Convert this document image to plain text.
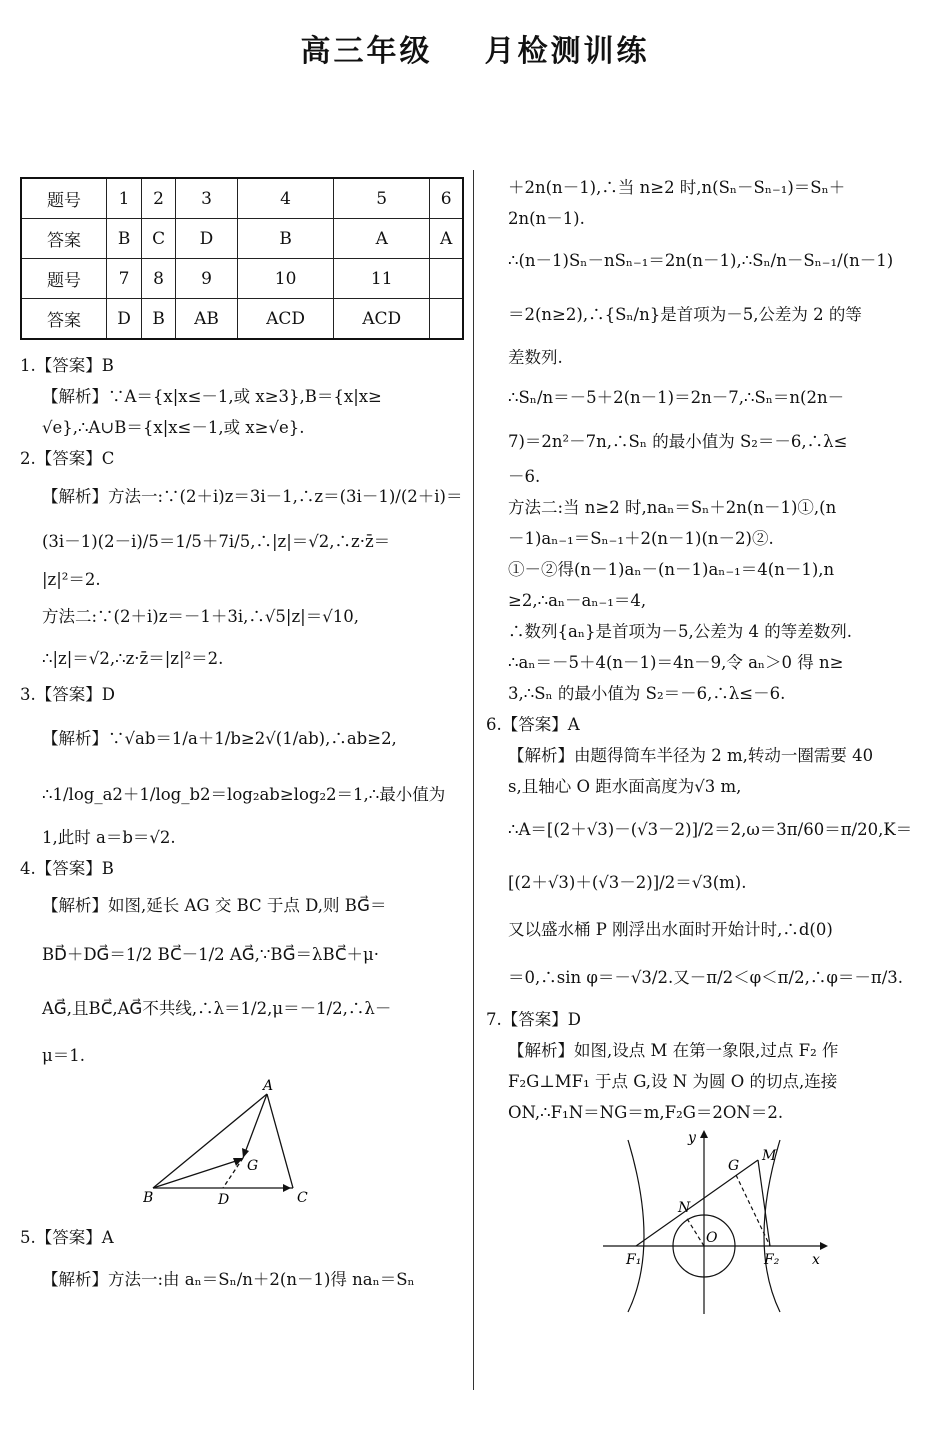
高三年级 月检测训练
题号	1	2	3	4	5	6
答案	B	C	D	B	A	A
题号	7	8	9	10	11	
答案	D	B	AB	ACD	ACD	
1.【答案】B
【解析】∵A＝{x|x≤－1,或 x≥3},B＝{x|x≥
√e},∴A∪B＝{x|x≤－1,或 x≥√e}.
2.【答案】C
【解析】方法一:∵(2＋i)z＝3i－1,∴z＝(3i－1)/(2＋i)＝
(3i－1)(2－i)/5＝1/5＋7i/5,∴|z|＝√2,∴z·z̄＝
|z|²＝2.
方法二:∵(2＋i)z＝－1＋3i,∴√5|z|＝√10,
∴|z|＝√2,∴z·z̄＝|z|²＝2.
3.【答案】D
【解析】∵√ab＝1/a＋1/b≥2√(1/ab),∴ab≥2,
∴1/log_a2＋1/log_b2＝log₂ab≥log₂2＝1,∴最小值为
1,此时 a＝b＝√2.
4.【答案】B
【解析】如图,延长 AG 交 BC 于点 D,则 BG⃗＝
BD⃗＋DG⃗＝1/2 BC⃗－1/2 AG⃗,∵BG⃗＝λBC⃗＋μ·
AG⃗,且BC⃗,AG⃗不共线,∴λ＝1/2,μ＝－1/2,∴λ－
μ＝1.
A
B	C
D
G
5.【答案】A
【解析】方法一:由 aₙ＝Sₙ/n＋2(n－1)得 naₙ＝Sₙ
＋2n(n－1),∴当 n≥2 时,n(Sₙ－Sₙ₋₁)＝Sₙ＋
2n(n－1).
∴(n－1)Sₙ－nSₙ₋₁＝2n(n－1),∴Sₙ/n－Sₙ₋₁/(n－1)
＝2(n≥2),∴{Sₙ/n}是首项为－5,公差为 2 的等
差数列.
∴Sₙ/n＝－5＋2(n－1)＝2n－7,∴Sₙ＝n(2n－
7)＝2n²－7n,∴Sₙ 的最小值为 S₂＝－6,∴λ≤
－6.
方法二:当 n≥2 时,naₙ＝Sₙ＋2n(n－1)①,(n
－1)aₙ₋₁＝Sₙ₋₁＋2(n－1)(n－2)②.
①－②得(n－1)aₙ－(n－1)aₙ₋₁＝4(n－1),n
≥2,∴aₙ－aₙ₋₁＝4,
∴数列{aₙ}是首项为－5,公差为 4 的等差数列.
∴aₙ＝－5＋4(n－1)＝4n－9,令 aₙ＞0 得 n≥
3,∴Sₙ 的最小值为 S₂＝－6,∴λ≤－6.
6.【答案】A
【解析】由题得筒车半径为 2 m,转动一圈需要 40
s,且轴心 O 距水面高度为√3 m,
∴A＝[(2＋√3)－(√3－2)]/2＝2,ω＝3π/60＝π/20,K＝
[(2＋√3)＋(√3－2)]/2＝√3(m).
又以盛水桶 P 刚浮出水面时开始计时,∴d(0)
＝0,∴sin φ＝－√3/2.又－π/2＜φ＜π/2,∴φ＝－π/3.
7.【答案】D
【解析】如图,设点 M 在第一象限,过点 F₂ 作
F₂G⊥MF₁ 于点 G,设 N 为圆 O 的切点,连接
ON,∴F₁N＝NG＝m,F₂G＝2ON＝2.
x
y
O
F₁	F₂
M
G
N
